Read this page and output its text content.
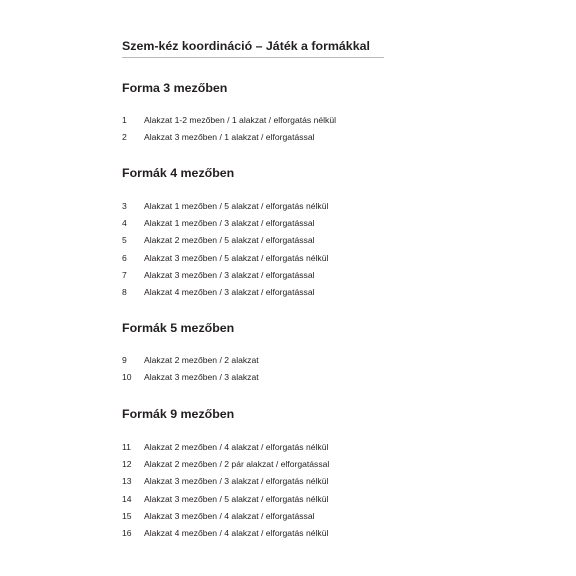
Szem-kéz koordináció – Játék a formákkal
Forma 3 mezőben
1	Alakzat 1-2 mezőben / 1 alakzat / elforgatás nélkül
2	Alakzat 3 mezőben / 1 alakzat / elforgatással
Formák 4 mezőben
3	Alakzat 1 mezőben / 5 alakzat / elforgatás nélkül
4	Alakzat 1 mezőben / 3 alakzat / elforgatással
5	Alakzat 2 mezőben / 5 alakzat / elforgatással
6	Alakzat 3 mezőben / 5 alakzat / elforgatás nélkül
7	Alakzat 3 mezőben / 3 alakzat / elforgatással
8	Alakzat 4 mezőben / 3 alakzat / elforgatással
Formák 5 mezőben
9	Alakzat 2 mezőben / 2 alakzat
10	Alakzat 3 mezőben / 3 alakzat
Formák 9 mezőben
11	Alakzat 2 mezőben / 4 alakzat / elforgatás nélkül
12	Alakzat 2 mezőben / 2 pár alakzat / elforgatással
13	Alakzat 3 mezőben / 3 alakzat / elforgatás nélkül
14	Alakzat 3 mezőben / 5 alakzat / elforgatás nélkül
15	Alakzat 3 mezőben / 4 alakzat / elforgatással
16	Alakzat 4 mezőben / 4 alakzat / elforgatás nélkül
